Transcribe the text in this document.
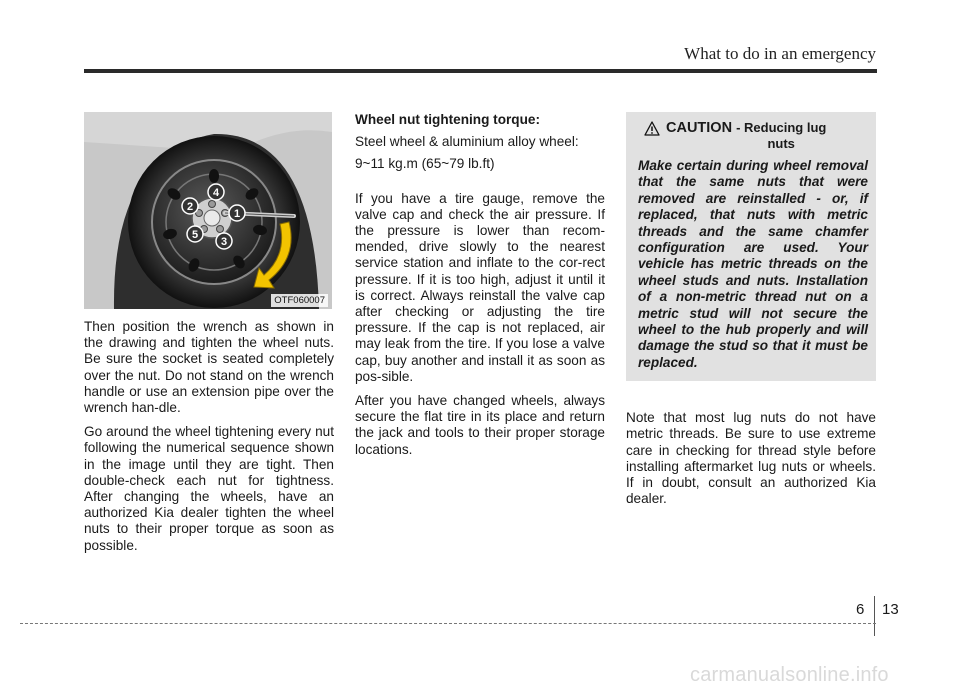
What to do in an emergency
1
2
3
4
5
OTF060007

Then position the wrench as shown in the drawing and tighten the wheel nuts. Be sure the socket is seated completely over the nut. Do not stand on the wrench handle or use an extension pipe over the wrench han-dle.

Go around the wheel tightening every nut following the numerical sequence shown in the image until they are tight. Then double-check each nut for tightness. After changing the wheels, have an authorized Kia dealer tighten the wheel nuts to their proper torque as soon as possible.

Wheel nut tightening torque:

Steel wheel & aluminium alloy wheel:

9~11 kg.m (65~79 lb.ft)

If you have a tire gauge, remove the valve cap and check the air pressure. If the pressure is lower than recom-mended, drive slowly to the nearest service station and inflate to the cor-rect pressure. If it is too high, adjust it until it is correct. Always reinstall the valve cap after checking or adjusting the tire pressure. If the cap is not replaced, air may leak from the tire. If you lose a valve cap, buy another and install it as soon as pos-sible.

After you have changed wheels, always secure the flat tire in its place and return the jack and tools to their proper storage locations.

CAUTION - Reducing lug
nuts

Make certain during wheel removal that the same nuts that were removed are reinstalled - or, if replaced, that nuts with metric threads and the same chamfer configuration are used. Your vehicle has metric threads on the wheel studs and nuts. Installation of a non-metric thread nut on a metric stud will not secure the wheel to the hub properly and will damage the stud so that it must be replaced.

Note that most lug nuts do not have metric threads. Be sure to use extreme care in checking for thread style before installing aftermarket lug nuts or wheels. If in doubt, consult an authorized Kia dealer.

6 13
carmanualsonline.info
